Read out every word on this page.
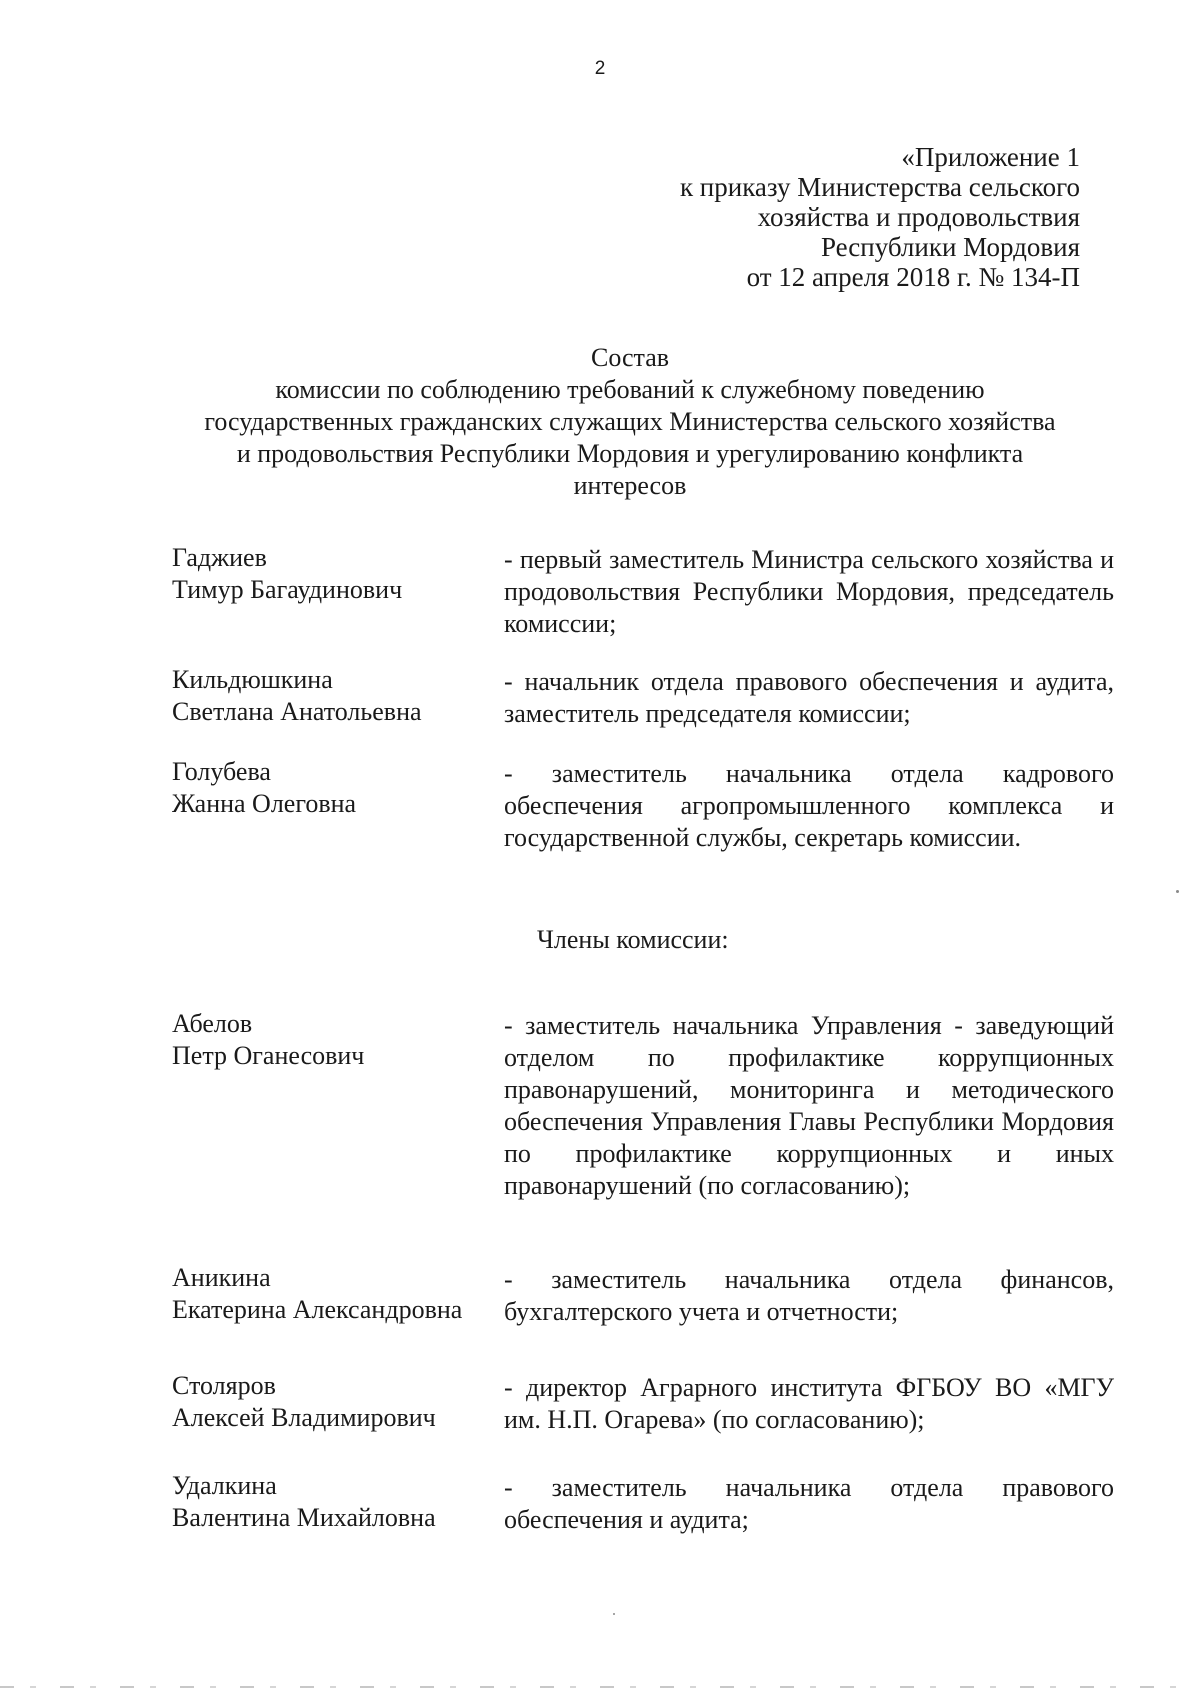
2
«Приложение 1
к приказу Министерства сельского
хозяйства и продовольствия
Республики Мордовия
от 12 апреля 2018 г. № 134-П
Состав
комиссии по соблюдению требований к служебному поведению
государственных гражданских служащих Министерства сельского хозяйства
и продовольствия Республики Мордовия и урегулированию конфликта
интересов
Гаджиев
Тимур Багаудинович
- первый заместитель Министра сельского хозяйства и продовольствия Республики Мордовия, председатель комиссии;
Кильдюшкина
Светлана Анатольевна
- начальник отдела правового обеспечения и аудита, заместитель председателя комиссии;
Голубева
Жанна Олеговна
- заместитель начальника отдела кадрового обеспечения агропромышленного комплекса и государственной службы, секретарь комиссии.
Члены комиссии:
Абелов
Петр Оганесович
- заместитель начальника Управления - заведующий отделом по профилактике коррупционных правонарушений, мониторинга и методического обеспечения Управления Главы Республики Мордовия по профилактике коррупционных и иных правонарушений (по согласованию);
Аникина
Екатерина Александровна
- заместитель начальника отдела финансов, бухгалтерского учета и отчетности;
Столяров
Алексей Владимирович
- директор Аграрного института ФГБОУ ВО «МГУ им. Н.П. Огарева» (по согласованию);
Удалкина
Валентина Михайловна
- заместитель начальника отдела правового обеспечения и аудита;
